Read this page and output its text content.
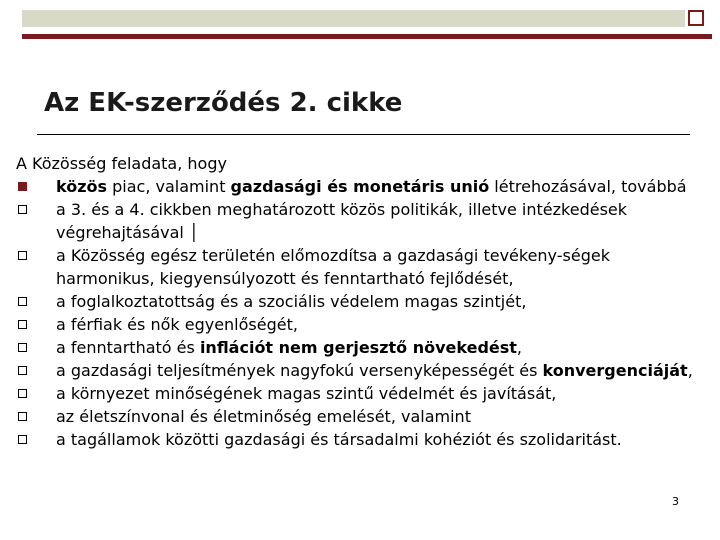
Az EK-szerződés 2. cikke

A Közösség feladata, hogy

közös piac, valamint gazdasági és monetáris unió létrehozásával, továbbá
a 3. és a 4. cikkben meghatározott közös politikák, illetve intézkedések végrehajtásával │
a Közösség egész területén előmozdítsa a gazdasági tevékeny-ségek harmonikus, kiegyensúlyozott és fenntartható fejlődését,
a foglalkoztatottság és a szociális védelem magas szintjét,
a férfiak és nők egyenlőségét,
a fenntartható és inflációt nem gerjesztő növekedést,
a gazdasági teljesítmények nagyfokú versenyképességét és konvergenciáját,
a környezet minőségének magas szintű védelmét és javítását,
az életszínvonal és életminőség emelését, valamint
a tagállamok közötti gazdasági és társadalmi kohéziót és szolidaritást.
3
